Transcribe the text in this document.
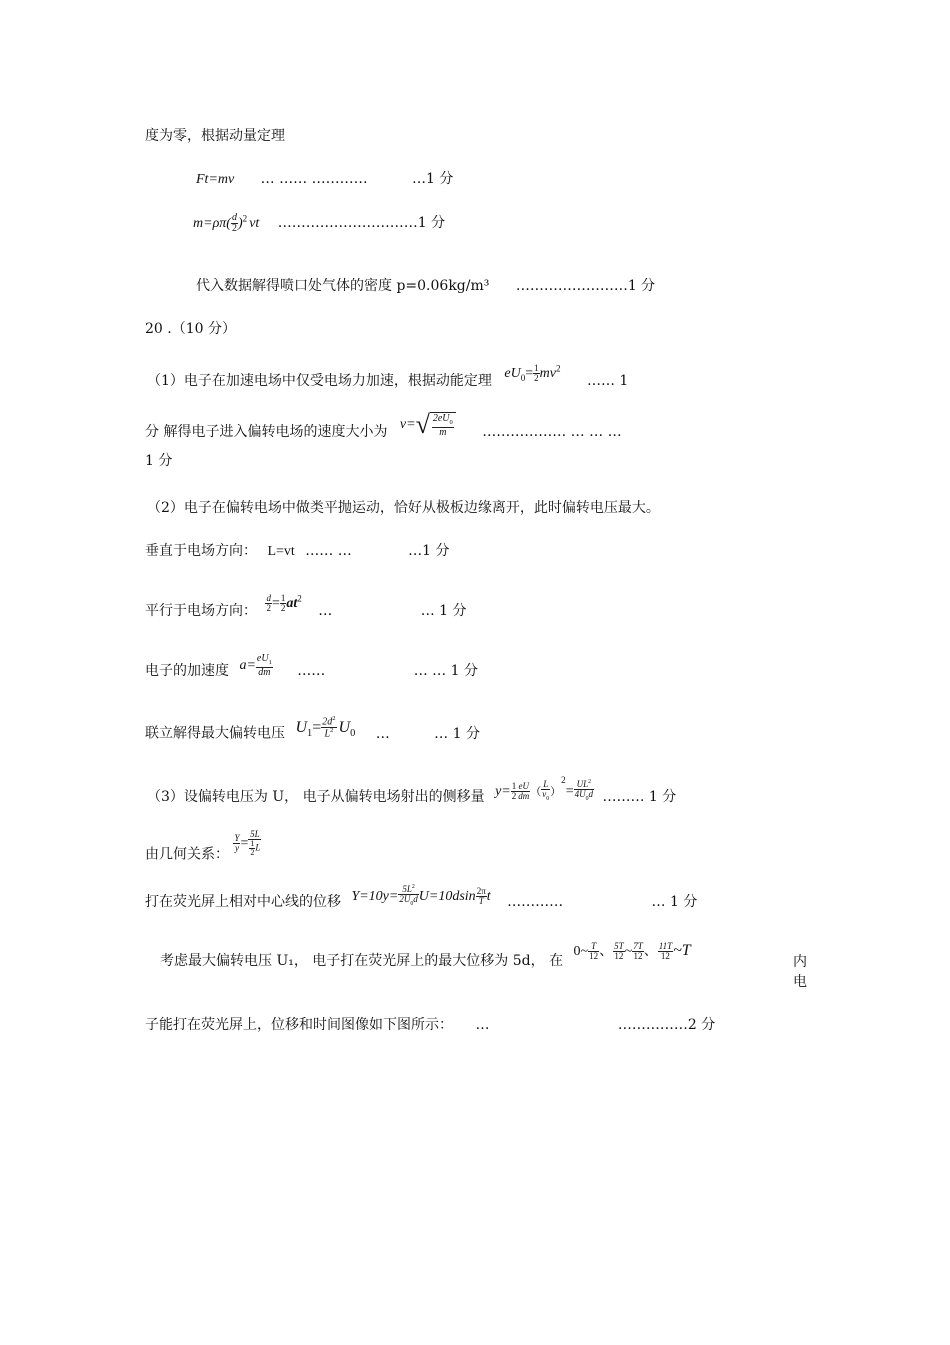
度为零，根据动量定理
Ft=mv … …… …………	…1 分
$m=\rho\pi( \frac{d}{2} )^2$ vt …………………………1 分
代入数据解得喷口处气体的密度 p=0.06kg/m³ ……………………1 分
20 .（10 分）
（1）电子在加速电场中仅受电场力加速，根据动能定理 $eU_0= \frac{1}{2} mv^2$ …… 1
分 解得电子进入偏转电场的速度大小为 $v=√ \frac{2eU_0}{m}$ ……………… … … …
1 分
（2）电子在偏转电场中做类平抛运动，恰好从极板边缘离开，此时偏转电压最大。
垂直于电场方向： L=vt …… …	…1 分
平行于电场方向： $\frac{d}{2} = \frac{1}{2} at^2$ …	… 1 分
电子的加速度 $a= \frac{eU_1}{dm}$ ……	… … 1 分
联立解得最大偏转电压 $U_1= \frac{2d^2}{L^2} U_0$ …	… 1 分
（3）设偏转电压为 U， 电子从偏转电场射出的侧移量 $y= \frac{1}{2} \frac{eU}{dm}$ （ $\frac{L}{v_0} )^2= \frac{UL^2}{4U_0d}$ ……… 1 分
由几何关系：
$\frac{Y}{y} = \frac{5L}{\frac{1}{2} L}$
打在荧光屏上相对中心线的位移 $Y=10y= \frac{5L^2}{2U_0d} U=10dsin \frac{2\pi}{T}$ t …………	… 1 分
考虑最大偏转电压 U₁， 电子打在荧光屏上的最大位移为 5d， 在 0~ $\frac{T}{12}$ 、 $\frac{5T}{12}$ ~ $\frac{7T}{12}$ 、 $\frac{11T}{12}$ ~T
内
电
子能打在荧光屏上，位移和时间图像如下图所示： …	……………2 分
